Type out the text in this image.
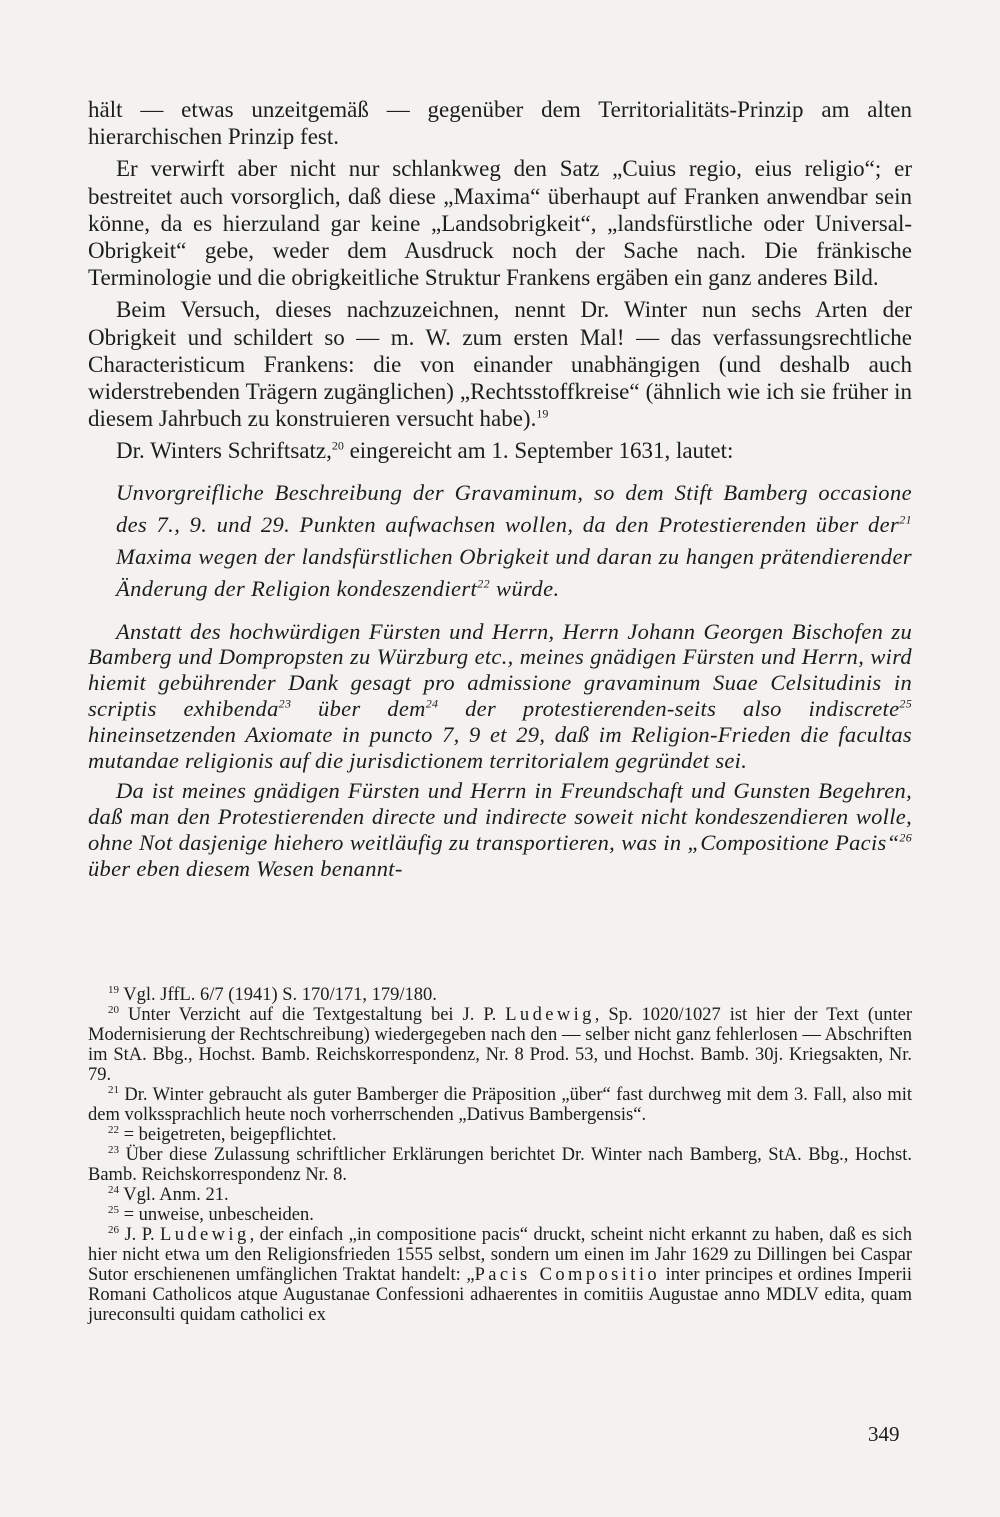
hält — etwas unzeitgemäß — gegenüber dem Territorialitäts-Prinzip am alten hierarchischen Prinzip fest.

Er verwirft aber nicht nur schlankweg den Satz „Cuius regio, eius religio“; er bestreitet auch vorsorglich, daß diese „Maxima“ überhaupt auf Franken anwendbar sein könne, da es hierzuland gar keine „Landsobrigkeit“, „landsfürstliche oder Universal-Obrigkeit“ gebe, weder dem Ausdruck noch der Sache nach. Die fränkische Terminologie und die obrigkeitliche Struktur Frankens ergäben ein ganz anderes Bild.

Beim Versuch, dieses nachzuzeichnen, nennt Dr. Winter nun sechs Arten der Obrigkeit und schildert so — m. W. zum ersten Mal! — das verfassungsrechtliche Characteristicum Frankens: die von einander unabhängigen (und deshalb auch widerstrebenden Trägern zugänglichen) „Rechtsstoffkreise“ (ähnlich wie ich sie früher in diesem Jahrbuch zu konstruieren versucht habe).$^{19}$

Dr. Winters Schriftsatz,$^{20}$ eingereicht am 1. September 1631, lautet:

Unvorgreifliche Beschreibung der Gravaminum, so dem Stift Bamberg occasione des 7., 9. und 29. Punkten aufwachsen wollen, da den Protestierenden über der$^{21}$ Maxima wegen der landsfürstlichen Obrigkeit und daran zu hangen prätendierender Änderung der Religion kondeszendiert$^{22}$ würde.

Anstatt des hochwürdigen Fürsten und Herrn, Herrn Johann Georgen Bischofen zu Bamberg und Dompropsten zu Würzburg etc., meines gnädigen Fürsten und Herrn, wird hiemit gebührender Dank gesagt pro admissione gravaminum Suae Celsitudinis in scriptis exhibenda$^{23}$ über dem$^{24}$ der protestierenden-seits also indiscrete$^{25}$ hineinsetzenden Axiomate in puncto 7, 9 et 29, daß im Religion-Frieden die facultas mutandae religionis auf die jurisdictionem territorialem gegründet sei.

Da ist meines gnädigen Fürsten und Herrn in Freundschaft und Gunsten Begehren, daß man den Protestierenden directe und indirecte soweit nicht kondeszendieren wolle, ohne Not dasjenige hiehero weitläufig zu transportieren, was in „Compositione Pacis“$^{26}$ über eben diesem Wesen benannt-

$^{19}$ Vgl. JffL. 6/7 (1941) S. 170/171, 179/180.

$^{20}$ Unter Verzicht auf die Textgestaltung bei J. P. Ludewig, Sp. 1020/1027 ist hier der Text (unter Modernisierung der Rechtschreibung) wiedergegeben nach den — selber nicht ganz fehlerlosen — Abschriften im StA. Bbg., Hochst. Bamb. Reichskorrespondenz, Nr. 8 Prod. 53, und Hochst. Bamb. 30j. Kriegsakten, Nr. 79.

$^{21}$ Dr. Winter gebraucht als guter Bamberger die Präposition „über“ fast durchweg mit dem 3. Fall, also mit dem volkssprachlich heute noch vorherrschenden „Dativus Bambergensis“.

$^{22}$ = beigetreten, beigepflichtet.

$^{23}$ Über diese Zulassung schriftlicher Erklärungen berichtet Dr. Winter nach Bamberg, StA. Bbg., Hochst. Bamb. Reichskorrespondenz Nr. 8.

$^{24}$ Vgl. Anm. 21.

$^{25}$ = unweise, unbescheiden.

$^{26}$ J. P. Ludewig, der einfach „in compositione pacis“ druckt, scheint nicht erkannt zu haben, daß es sich hier nicht etwa um den Religionsfrieden 1555 selbst, sondern um einen im Jahr 1629 zu Dillingen bei Caspar Sutor erschienenen umfänglichen Traktat handelt: „Pacis Compositio inter principes et ordines Imperii Romani Catholicos atque Augustanae Confessioni adhaerentes in comitiis Augustae anno MDLV edita, quam jureconsulti quidam catholici ex

349
